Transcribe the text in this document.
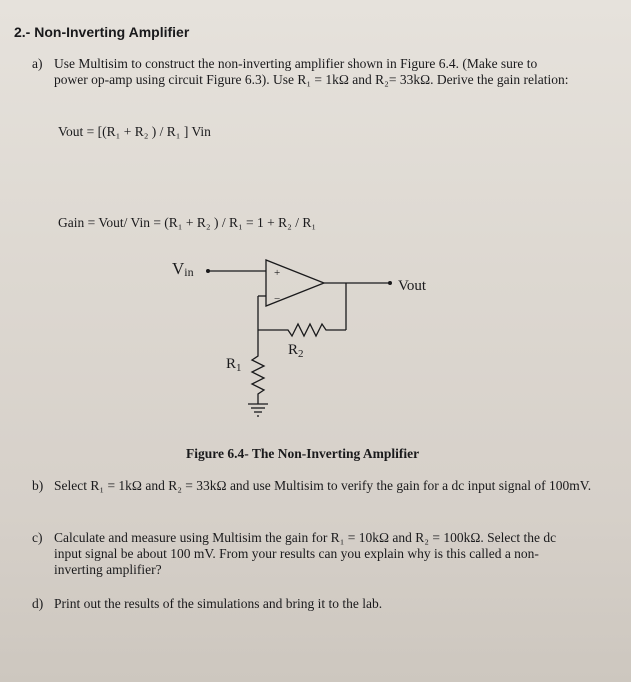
2.- Non-Inverting Amplifier

a) Use Multisim to construct the non-inverting amplifier shown in Figure 6.4. (Make sure to power op-amp using circuit Figure 6.3). Use R₁ = 1kΩ and R₂= 33kΩ. Derive the gain relation:

Vout = [(R₁ + R₂ ) / R₁ ] Vin

Gain = Vout/ Vin = (R₁ + R₂ ) / R₁ = 1 + R₂ / R₁

Vin	+
−
Vout
$R_2$
$R_1$

Figure 6.4- The Non-Inverting Amplifier

b) Select R₁ = 1kΩ and R₂ = 33kΩ and use Multisim to verify the gain for a dc input signal of 100mV.
c) Calculate and measure using Multisim the gain for R₁ = 10kΩ and R₂ = 100kΩ. Select the dc input signal be about 100 mV. From your results can you explain why is this called a non-inverting amplifier?
d) Print out the results of the simulations and bring it to the lab.
